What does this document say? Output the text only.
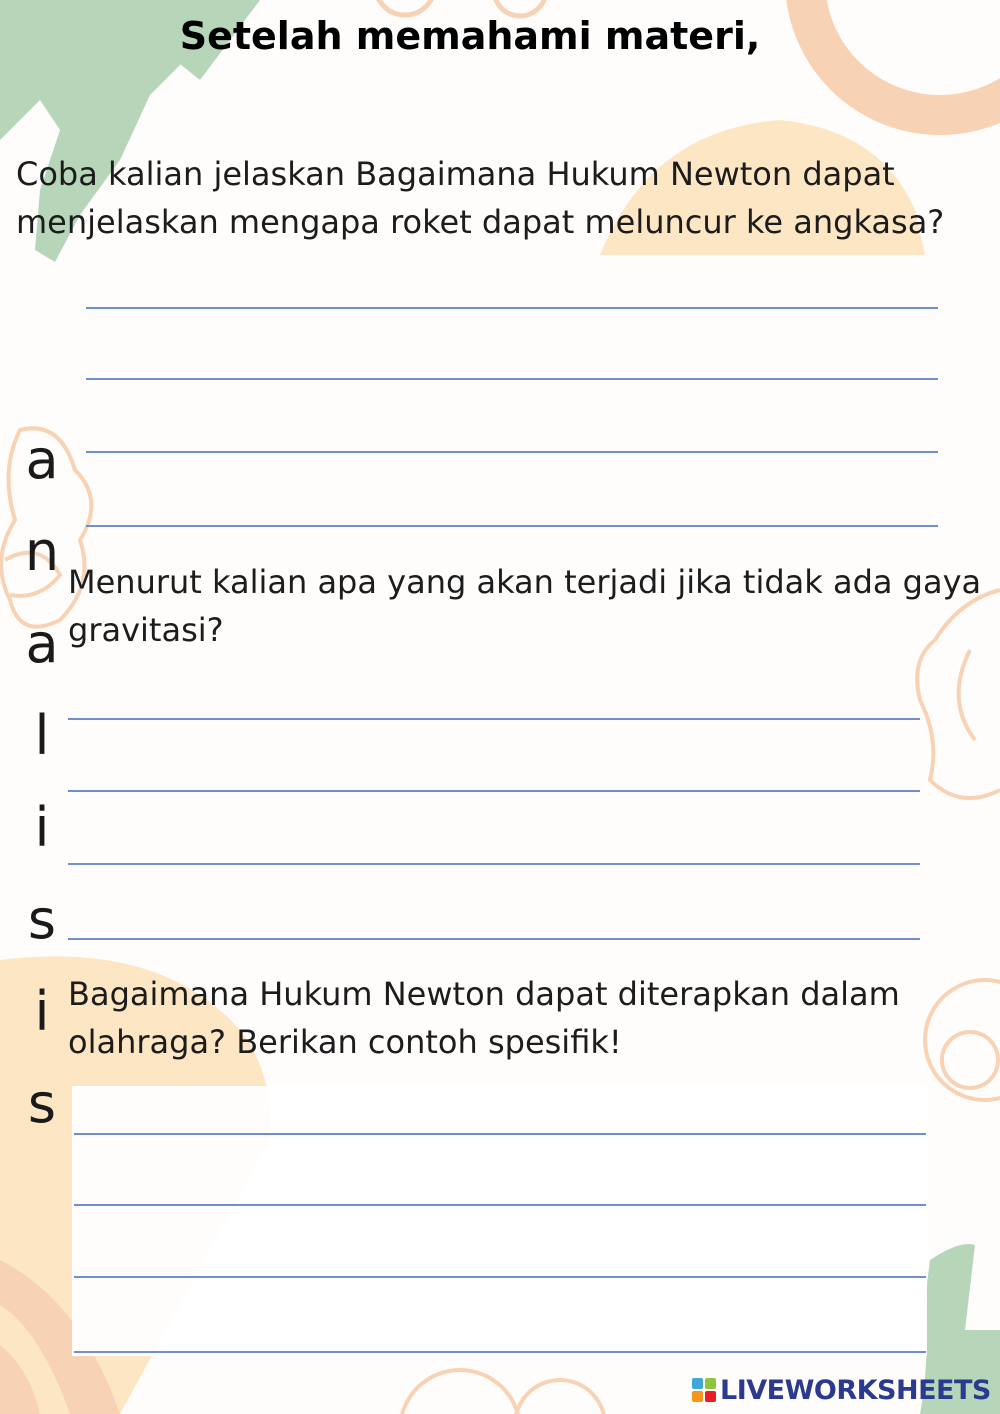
Setelah memahami materi,

Coba kalian jelaskan Bagaimana Hukum Newton dapat menjelaskan mengapa roket dapat meluncur ke angkasa?

Menurut kalian apa yang akan terjadi jika tidak ada gaya gravitasi?

Bagaimana Hukum Newton dapat diterapkan dalam olahraga? Berikan contoh spesifik!

a
n
a
l
i
s
i
s
LIVEWORKSHEETS
